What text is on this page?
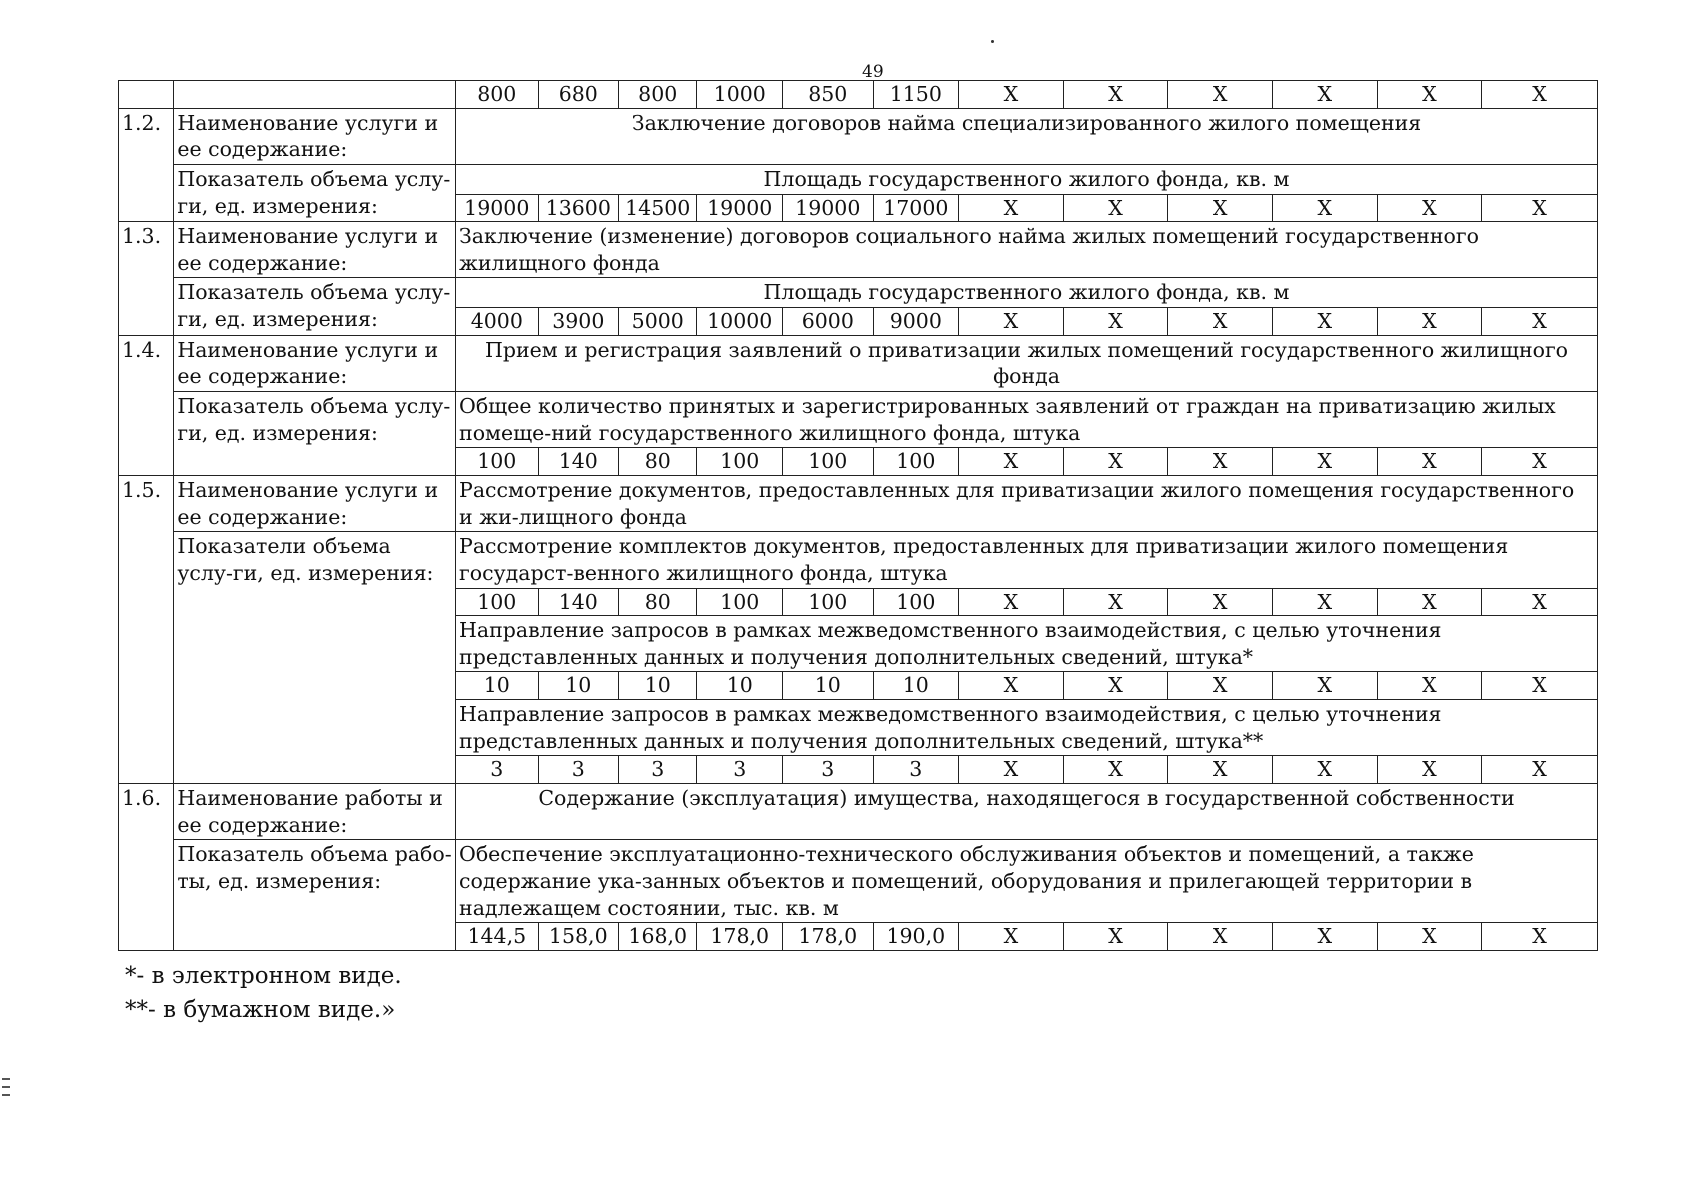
49
		800	680	800	1000	850	1150	X	X	X	X	X	X
1.2.	Наименование услуги и ее содержание:	Заключение договоров найма специализированного жилого помещения											
	Показатель объема услу-ги, ед. измерения:	Площадь государственного жилого фонда, кв. м											
		19000	13600	14500	19000	19000	17000	X	X	X	X	X	X
1.3.	Наименование услуги и ее содержание:	Заключение (изменение) договоров социального найма жилых помещений государственного жилищного фонда											
	Показатель объема услу-ги, ед. измерения:	Площадь государственного жилого фонда, кв. м											
		4000	3900	5000	10000	6000	9000	X	X	X	X	X	X
1.4.	Наименование услуги и ее содержание:	Прием и регистрация заявлений о приватизации жилых помещений государственного жилищного фонда											
	Показатель объема услу-ги, ед. измерения:	Общее количество принятых и зарегистрированных заявлений от граждан на приватизацию жилых помеще-ний государственного жилищного фонда, штука											
		100	140	80	100	100	100	X	X	X	X	X	X
1.5.	Наименование услуги и ее содержание:	Рассмотрение документов, предоставленных для приватизации жилого помещения государственного и жи-лищного фонда											
	Показатели объема услу-ги, ед. измерения:	Рассмотрение комплектов документов, предоставленных для приватизации жилого помещения государст-венного жилищного фонда, штука											
		100	140	80	100	100	100	X	X	X	X	X	X
		Направление запросов в рамках межведомственного взаимодействия, с целью уточнения представленных данных и получения дополнительных сведений, штука*											
		10	10	10	10	10	10	X	X	X	X	X	X
		Направление запросов в рамках межведомственного взаимодействия, с целью уточнения представленных данных и получения дополнительных сведений, штука**											
		3	3	3	3	3	3	X	X	X	X	X	X
1.6.	Наименование работы и ее содержание:	Содержание (эксплуатация) имущества, находящегося в государственной собственности											
	Показатель объема рабо-ты, ед. измерения:	Обеспечение эксплуатационно-технического обслуживания объектов и помещений, а также содержание ука-занных объектов и помещений, оборудования и прилегающей территории в надлежащем состоянии, тыс. кв. м											
		144,5	158,0	168,0	178,0	178,0	190,0	X	X	X	X	X	X
*- в электронном виде.
**- в бумажном виде.»
